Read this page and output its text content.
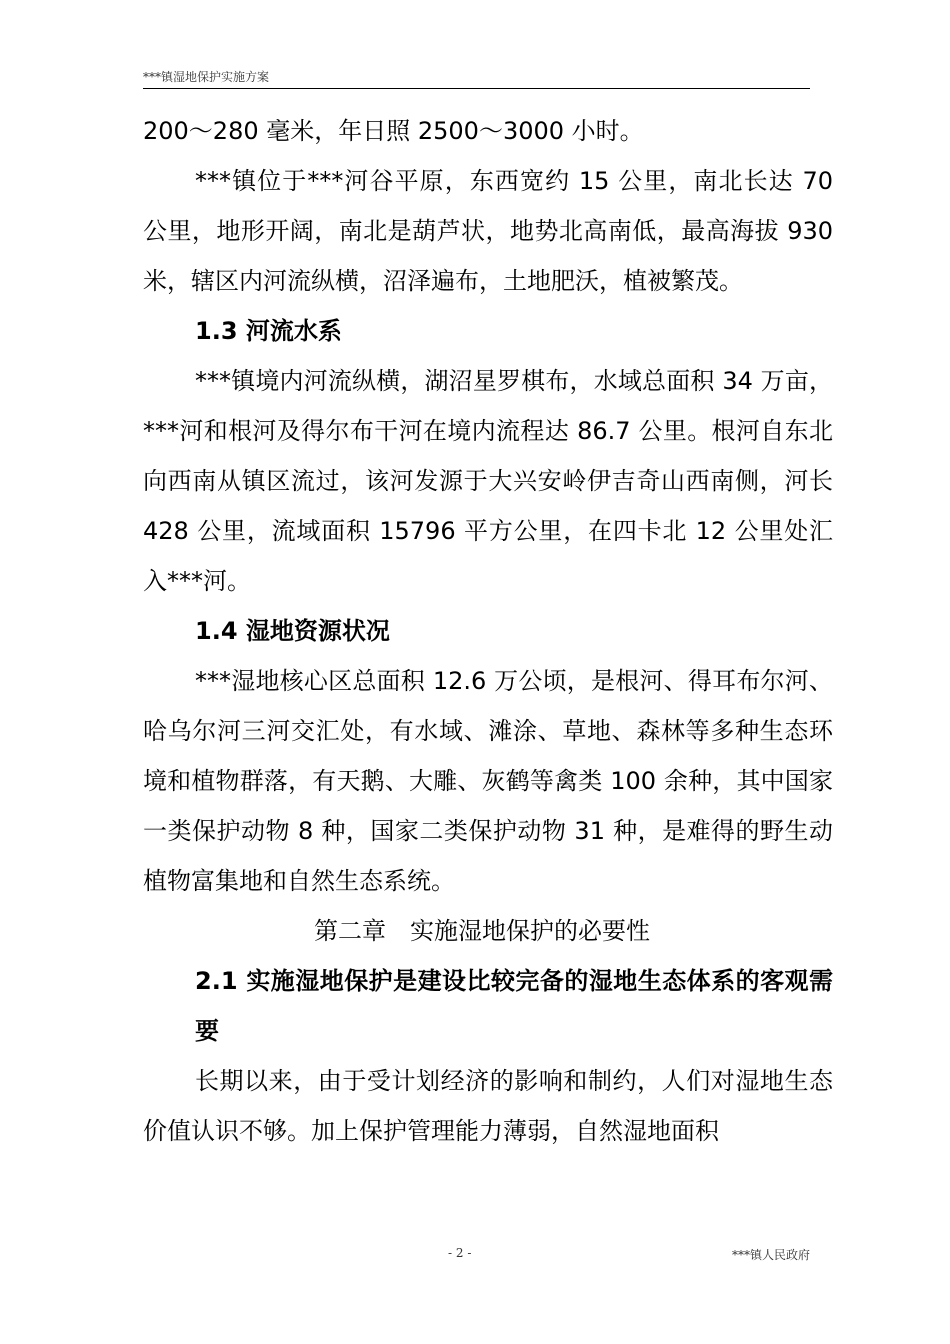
***镇湿地保护实施方案

200～280 毫米，年日照 2500～3000 小时。

***镇位于***河谷平原，东西宽约 15 公里，南北长达 70 公里，地形开阔，南北是葫芦状，地势北高南低，最高海拔 930 米，辖区内河流纵横，沼泽遍布，土地肥沃，植被繁茂。

1.3 河流水系

***镇境内河流纵横，湖沼星罗棋布，水域总面积 34 万亩，***河和根河及得尔布干河在境内流程达 86.7 公里。根河自东北向西南从镇区流过，该河发源于大兴安岭伊吉奇山西南侧，河长 428 公里，流域面积 15796 平方公里，在四卡北 12 公里处汇入***河。

1.4 湿地资源状况

***湿地核心区总面积 12.6 万公顷，是根河、得耳布尔河、哈乌尔河三河交汇处，有水域、滩涂、草地、森林等多种生态环境和植物群落，有天鹅、大雕、灰鹤等禽类 100 余种，其中国家一类保护动物 8 种，国家二类保护动物 31 种，是难得的野生动植物富集地和自然生态系统。

第二章　实施湿地保护的必要性

2.1 实施湿地保护是建设比较完备的湿地生态体系的客观需要

长期以来，由于受计划经济的影响和制约，人们对湿地生态价值认识不够。加上保护管理能力薄弱，自然湿地面积

- 2 -	***镇人民政府
